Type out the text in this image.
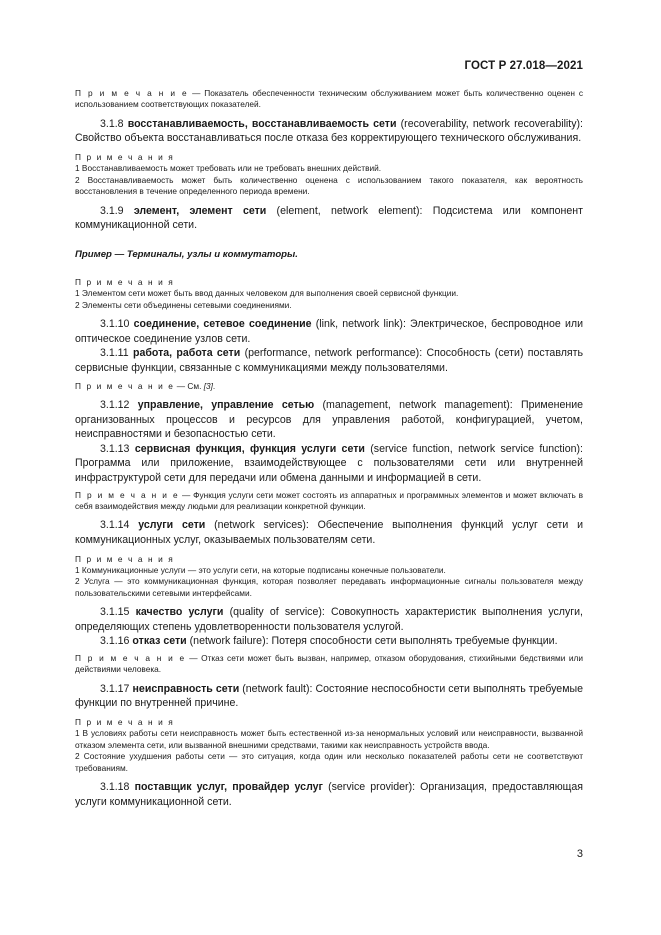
ГОСТ Р 27.018—2021

П р и м е ч а н и е — Показатель обеспеченности техническим обслуживанием может быть количественно оценен с использованием соответствующих показателей.

3.1.8 восстанавливаемость, восстанавливаемость сети (recoverability, network recoverability): Свойство объекта восстанавливаться после отказа без корректирующего технического обслуживания.

П р и м е ч а н и я

1 Восстанавливаемость может требовать или не требовать внешних действий.

2 Восстанавливаемость может быть количественно оценена с использованием такого показателя, как вероятность восстановления в течение определенного периода времени.

3.1.9 элемент, элемент сети (element, network element): Подсистема или компонент коммуникационной сети.

Пример — Терминалы, узлы и коммутаторы.

П р и м е ч а н и я

1 Элементом сети может быть ввод данных человеком для выполнения своей сервисной функции.

2 Элементы сети объединены сетевыми соединениями.

3.1.10 соединение, сетевое соединение (link, network link): Электрическое, беспроводное или оптическое соединение узлов сети.

3.1.11 работа, работа сети (performance, network performance): Способность (сети) поставлять сервисные функции, связанные с коммуникациями между пользователями.

П р и м е ч а н и е — См. [3].

3.1.12 управление, управление сетью (management, network management): Применение организованных процессов и ресурсов для управления работой, конфигурацией, учетом, неисправностями и безопасностью сети.

3.1.13 сервисная функция, функция услуги сети (service function, network service function): Программа или приложение, взаимодействующее с пользователями сети или внутренней инфраструктурой сети для передачи или обмена данными и информацией в сети.

П р и м е ч а н и е — Функция услуги сети может состоять из аппаратных и программных элементов и может включать в себя взаимодействия между людьми для реализации конкретной функции.

3.1.14 услуги сети (network services): Обеспечение выполнения функций услуг сети и коммуникационных услуг, оказываемых пользователям сети.

П р и м е ч а н и я

1 Коммуникационные услуги — это услуги сети, на которые подписаны конечные пользователи.

2 Услуга — это коммуникационная функция, которая позволяет передавать информационные сигналы пользователя между пользовательскими сетевыми интерфейсами.

3.1.15 качество услуги (quality of service): Совокупность характеристик выполнения услуги, определяющих степень удовлетворенности пользователя услугой.

3.1.16 отказ сети (network failure): Потеря способности сети выполнять требуемые функции.

П р и м е ч а н и е — Отказ сети может быть вызван, например, отказом оборудования, стихийными бедствиями или действиями человека.

3.1.17 неисправность сети (network fault): Состояние неспособности сети выполнять требуемые функции по внутренней причине.

П р и м е ч а н и я

1 В условиях работы сети неисправность может быть естественной из-за ненормальных условий или неисправности, вызванной отказом элемента сети, или вызванной внешними средствами, такими как неисправность устройств ввода.

2 Состояние ухудшения работы сети — это ситуация, когда один или несколько показателей работы сети не соответствуют требованиям.

3.1.18 поставщик услуг, провайдер услуг (service provider): Организация, предоставляющая услуги коммуникационной сети.

3
